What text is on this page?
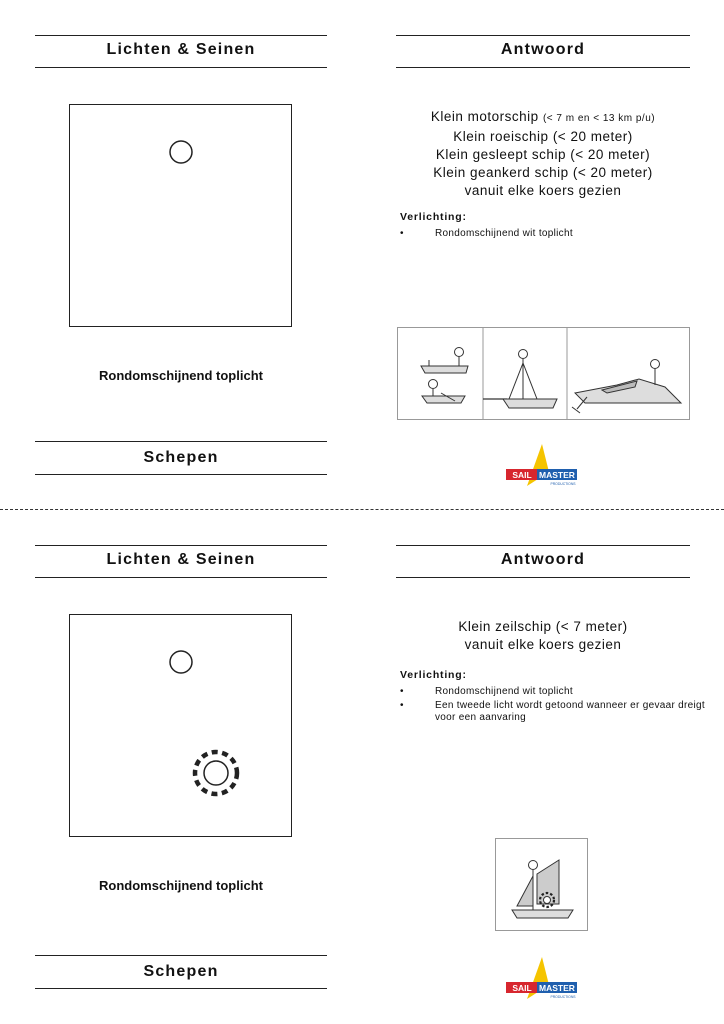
Lichten & Seinen	Antwoord
Rondomschijnend toplicht
Schepen
Klein motorschip (< 7 m en < 13 km p/u)
Klein roeischip (< 20 meter)
Klein gesleept schip (< 20 meter)
Klein geankerd schip (< 20 meter)
vanuit elke koers gezien
Verlichting:
•	Rondomschijnend wit toplicht
SAIL MASTER
PRODUCTIONS
Lichten & Seinen	Antwoord
Rondomschijnend toplicht
Schepen
Klein zeilschip (< 7 meter)
vanuit elke koers gezien
Verlichting:
•	Rondomschijnend wit toplicht
•	Een tweede licht wordt getoond wanneer er gevaar dreigt voor een aanvaring
SAIL MASTER
PRODUCTIONS
